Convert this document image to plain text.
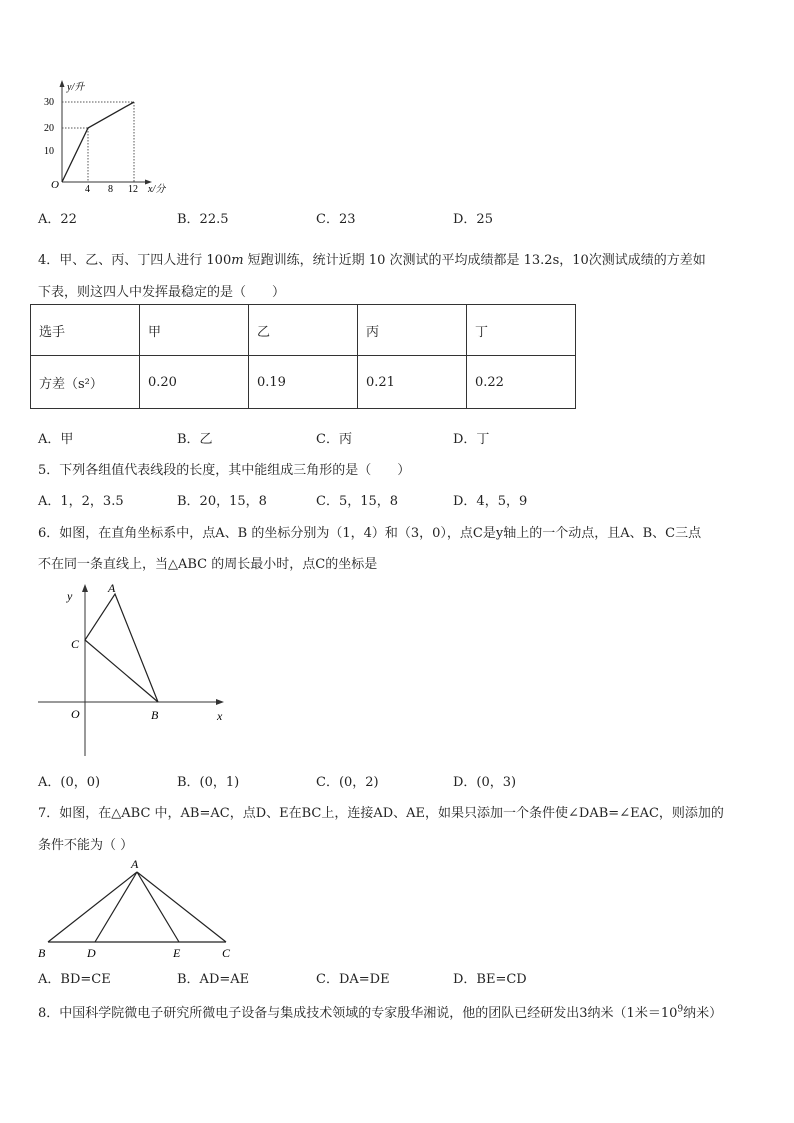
y/升
x/分
O
30
20
10
4 8 12
A．22	B．22.5	C．23	D．25
4．甲、乙、丙、丁四人进行 100m 短跑训练，统计近期 10 次测试的平均成绩都是 13.2s，10次测试成绩的方差如
下表，则这四人中发挥最稳定的是（　　）
选手	甲	乙	丙	丁
方差（s²）	0.20	0.19	0.21	0.22
A．甲	B．乙	C．丙	D．丁
5．下列各组值代表线段的长度，其中能组成三角形的是（　　）
A．1，2，3.5	B．20，15，8	C．5，15，8	D．4，5，9
6．如图，在直角坐标系中，点A、B 的坐标分别为（1，4）和（3，0），点C是y轴上的一个动点，且A、B、C三点
不在同一条直线上，当△ABC 的周长最小时，点C的坐标是
y
A
C
O	B	x
A．(0，0)	B．(0，1)	C．(0，2)	D．(0，3)
7．如图，在△ABC 中，AB=AC，点D、E在BC上，连接AD、AE，如果只添加一个条件使∠DAB=∠EAC，则添加的
条件不能为（ ）
A
B	D	E	C
A．BD=CE	B．AD=AE	C．DA=DE	D．BE=CD
8．中国科学院微电子研究所微电子设备与集成技术领域的专家殷华湘说，他的团队已经研发出3纳米（1米$=10^9$纳米）
